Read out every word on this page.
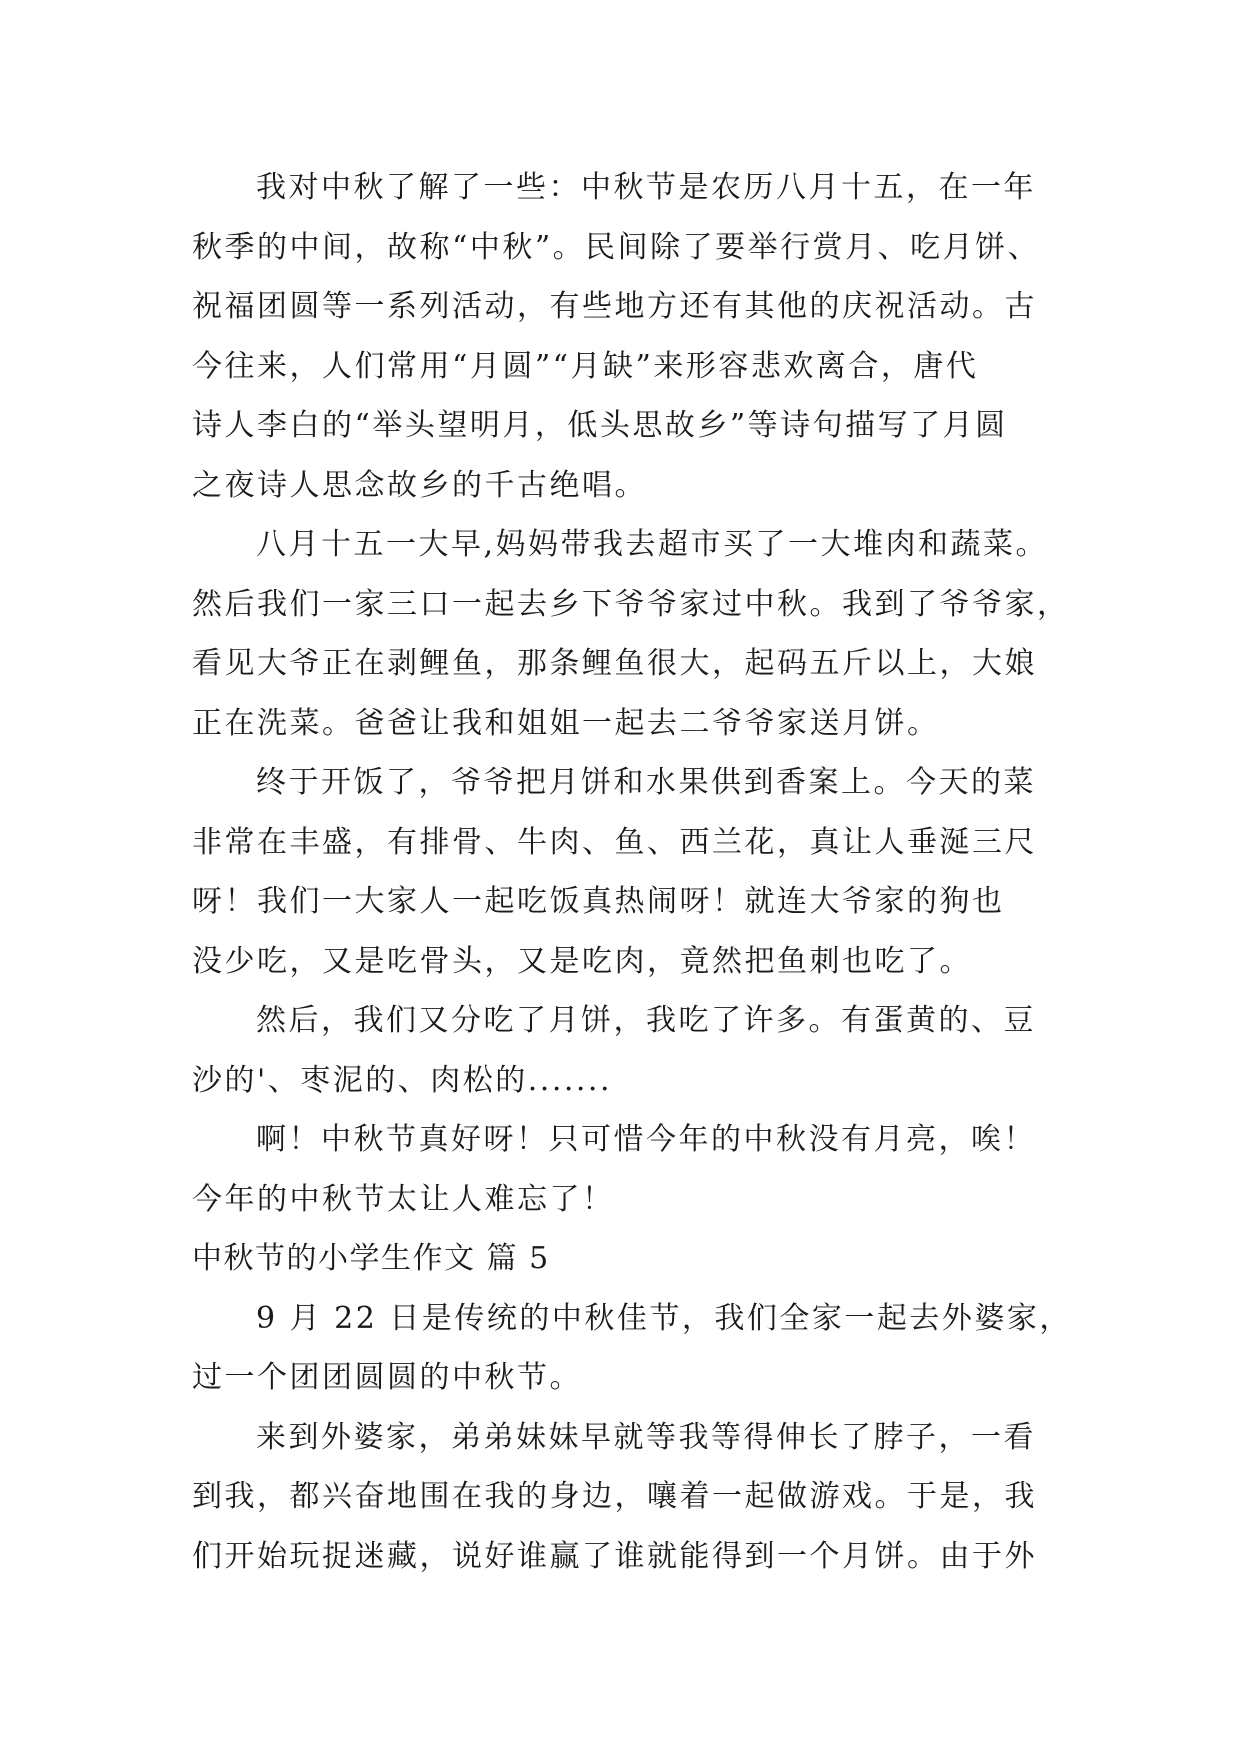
我对中秋了解了一些：中秋节是农历八月十五，在一年
秋季的中间，故称“中秋”。民间除了要举行赏月、吃月饼、
祝福团圆等一系列活动，有些地方还有其他的庆祝活动。古
今往来，人们常用“月圆”“月缺”来形容悲欢离合，唐代
诗人李白的“举头望明月，低头思故乡”等诗句描写了月圆
之夜诗人思念故乡的千古绝唱。
八月十五一大早,妈妈带我去超市买了一大堆肉和蔬菜。
然后我们一家三口一起去乡下爷爷家过中秋。我到了爷爷家，
看见大爷正在剥鲤鱼，那条鲤鱼很大，起码五斤以上，大娘
正在洗菜。爸爸让我和姐姐一起去二爷爷家送月饼。
终于开饭了，爷爷把月饼和水果供到香案上。今天的菜
非常在丰盛，有排骨、牛肉、鱼、西兰花，真让人垂涎三尺
呀！我们一大家人一起吃饭真热闹呀！就连大爷家的狗也
没少吃，又是吃骨头，又是吃肉，竟然把鱼刺也吃了。
然后，我们又分吃了月饼，我吃了许多。有蛋黄的、豆
沙的'、枣泥的、肉松的.......
啊！中秋节真好呀！只可惜今年的中秋没有月亮，唉！
今年的中秋节太让人难忘了！
中秋节的小学生作文 篇 5
9 月 22 日是传统的中秋佳节，我们全家一起去外婆家，
过一个团团圆圆的中秋节。
来到外婆家，弟弟妹妹早就等我等得伸长了脖子，一看
到我，都兴奋地围在我的身边，嚷着一起做游戏。于是，我
们开始玩捉迷藏，说好谁赢了谁就能得到一个月饼。由于外
